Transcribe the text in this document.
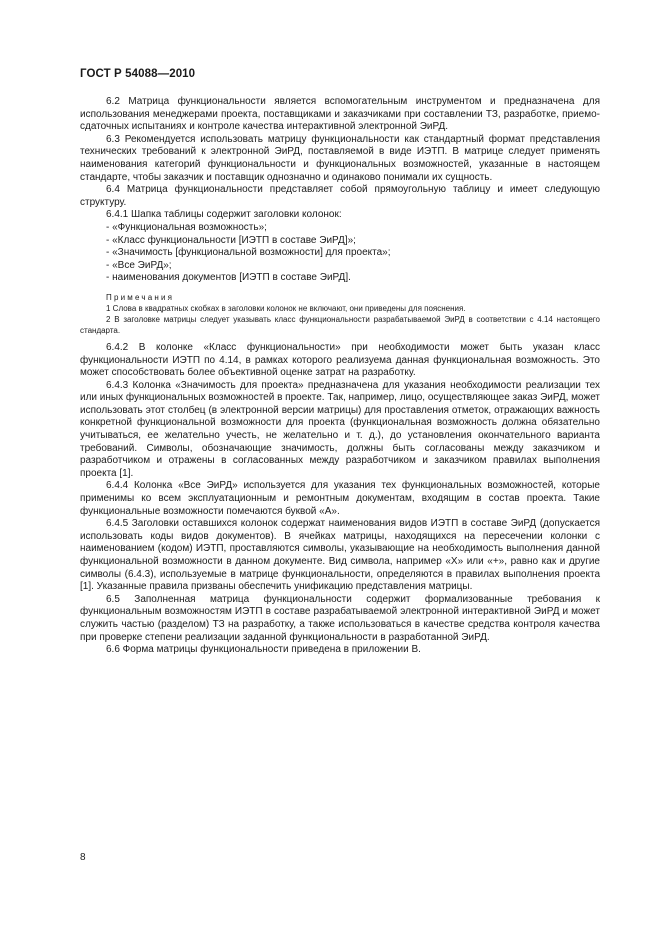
ГОСТ Р 54088—2010

6.2 Матрица функциональности является вспомогательным инструментом и предназначена для использования менеджерами проекта, поставщиками и заказчиками при составлении ТЗ, разработке, приемо-сдаточных испытаниях и контроле качества интерактивной электронной ЭиРД.

6.3 Рекомендуется использовать матрицу функциональности как стандартный формат представления технических требований к электронной ЭиРД, поставляемой в виде ИЭТП. В матрице следует применять наименования категорий функциональности и функциональных возможностей, указанные в настоящем стандарте, чтобы заказчик и поставщик однозначно и одинаково понимали их сущность.

6.4 Матрица функциональности представляет собой прямоугольную таблицу и имеет следующую структуру.

6.4.1 Шапка таблицы содержит заголовки колонок:

- «Функциональная возможность»;

- «Класс функциональности [ИЭТП в составе ЭиРД]»;

- «Значимость [функциональной возможности] для проекта»;

- «Все ЭиРД»;

- наименования документов [ИЭТП в составе ЭиРД].

Примечания

1 Слова в квадратных скобках в заголовки колонок не включают, они приведены для пояснения.

2 В заголовке матрицы следует указывать класс функциональности разрабатываемой ЭиРД в соответствии с 4.14 настоящего стандарта.

6.4.2 В колонке «Класс функциональности» при необходимости может быть указан класс функциональности ИЭТП по 4.14, в рамках которого реализуема данная функциональная возможность. Это может способствовать более объективной оценке затрат на разработку.

6.4.3 Колонка «Значимость для проекта» предназначена для указания необходимости реализации тех или иных функциональных возможностей в проекте. Так, например, лицо, осуществляющее заказ ЭиРД, может использовать этот столбец (в электронной версии матрицы) для проставления отметок, отражающих важность конкретной функциональной возможности для проекта (функциональная возможность должна обязательно учитываться, ее желательно учесть, не желательно и т. д.), до установления окончательного варианта требований. Символы, обозначающие значимость, должны быть согласованы между заказчиком и разработчиком и отражены в согласованных между разработчиком и заказчиком правилах выполнения проекта [1].

6.4.4 Колонка «Все ЭиРД» используется для указания тех функциональных возможностей, которые применимы ко всем эксплуатационным и ремонтным документам, входящим в состав проекта. Такие функциональные возможности помечаются буквой «А».

6.4.5 Заголовки оставшихся колонок содержат наименования видов ИЭТП в составе ЭиРД (допускается использовать коды видов документов). В ячейках матрицы, находящихся на пересечении колонки с наименованием (кодом) ИЭТП, проставляются символы, указывающие на необходимость выполнения данной функциональной возможности в данном документе. Вид символа, например «Х» или «+», равно как и другие символы (6.4.3), используемые в матрице функциональности, определяются в правилах выполнения проекта [1]. Указанные правила призваны обеспечить унификацию представления матрицы.

6.5 Заполненная матрица функциональности содержит формализованные требования к функциональным возможностям ИЭТП в составе разрабатываемой электронной интерактивной ЭиРД и может служить частью (разделом) ТЗ на разработку, а также использоваться в качестве средства контроля качества при проверке степени реализации заданной функциональности в разработанной ЭиРД.

6.6 Форма матрицы функциональности приведена в приложении В.

8
